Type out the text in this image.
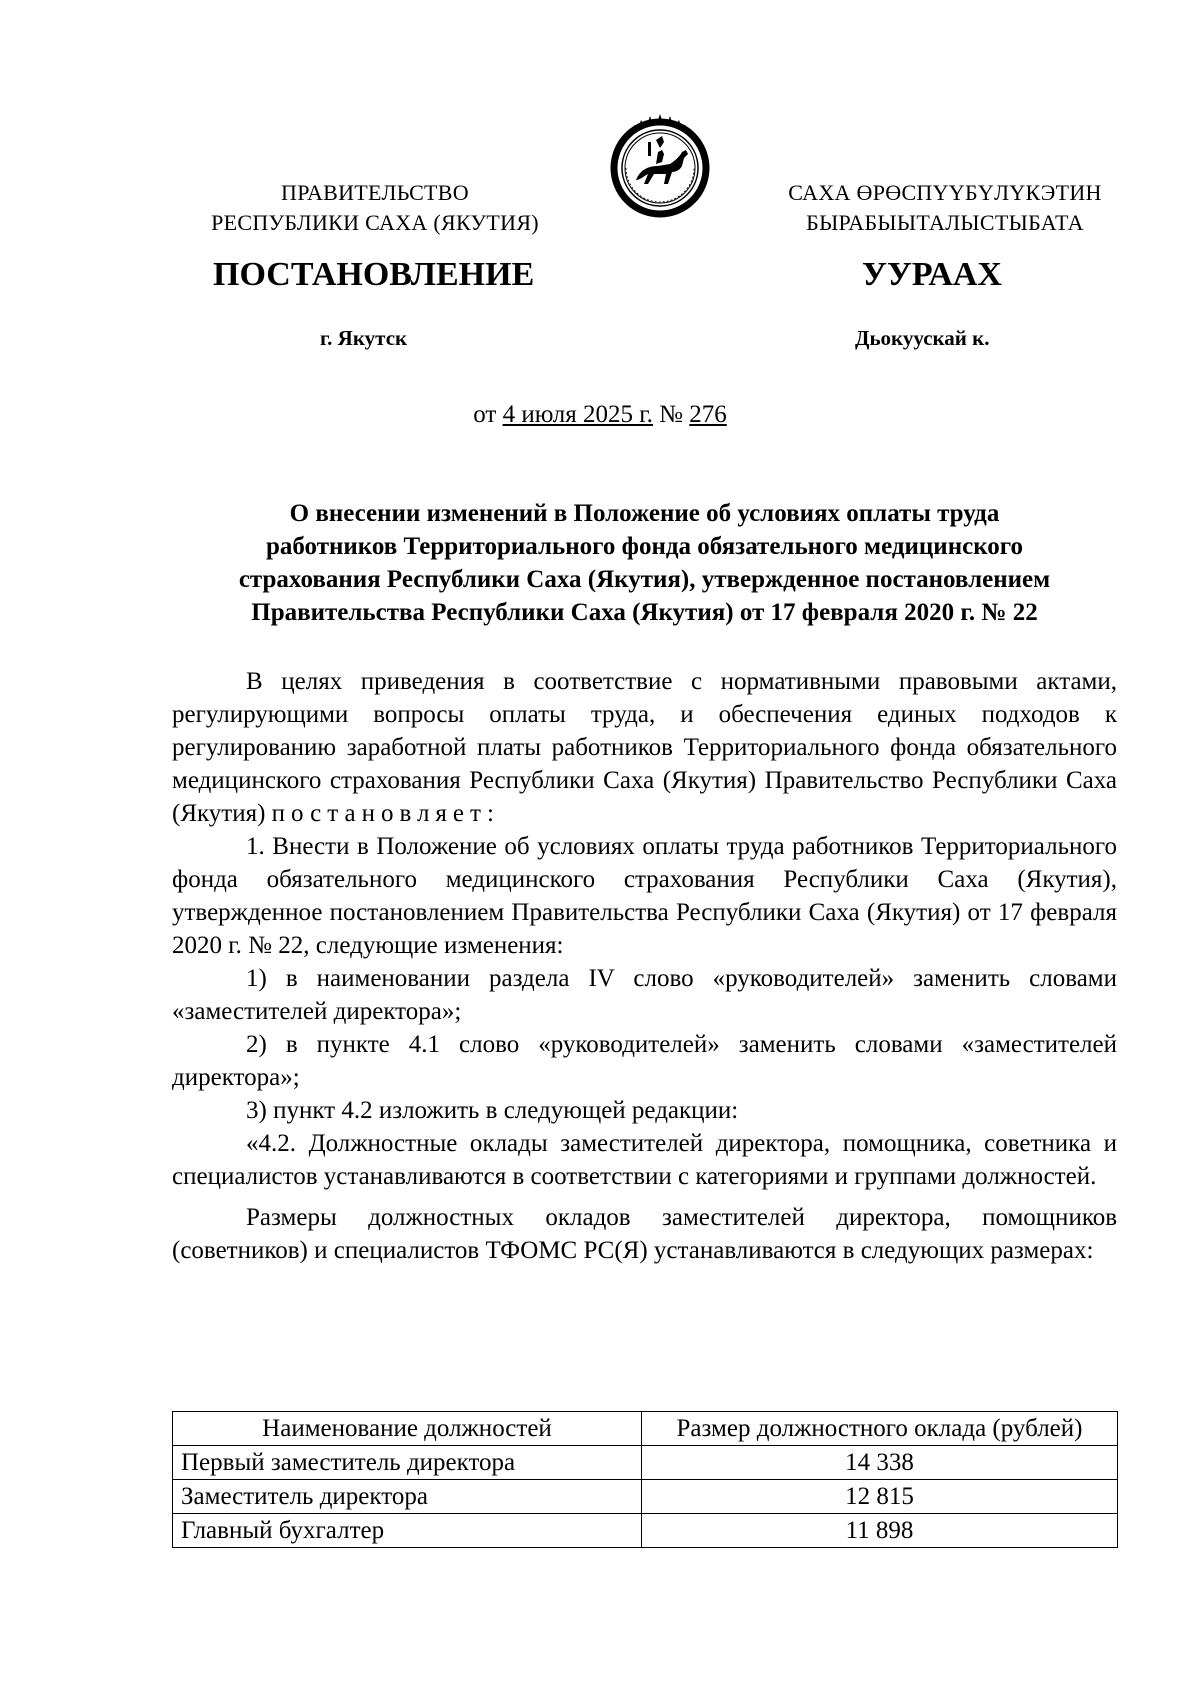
ПРАВИТЕЛЬСТВО
РЕСПУБЛИКИ САХА (ЯКУТИЯ)
САХА ӨРӨСПҮҮБҮЛҮКЭТИН
БЫРАБЫЫТАЛЫСТЫБАТА
ПОСТАНОВЛЕНИЕ	УУРААХ
г. Якутск	Дьокуускай к.
от 4 июля 2025 г. № 276
О внесении изменений в Положение об условиях оплаты труда
работников Территориального фонда обязательного медицинского
страхования Республики Саха (Якутия), утвержденное постановлением
Правительства Республики Саха (Якутия) от 17 февраля 2020 г. № 22

В целях приведения в соответствие с нормативными правовыми актами, регулирующими вопросы оплаты труда, и обеспечения единых подходов к регулированию заработной платы работников Территориального фонда обязательного медицинского страхования Республики Саха (Якутия) Правительство Республики Саха (Якутия) постановляет:

1. Внести в Положение об условиях оплаты труда работников Территориального фонда обязательного медицинского страхования Республики Саха (Якутия), утвержденное постановлением Правительства Республики Саха (Якутия) от 17 февраля 2020 г. № 22, следующие изменения:

1) в наименовании раздела IV слово «руководителей» заменить словами «заместителей директора»;

2) в пункте 4.1 слово «руководителей» заменить словами «заместителей директора»;

3) пункт 4.2 изложить в следующей редакции:

«4.2. Должностные оклады заместителей директора, помощника, советника и специалистов устанавливаются в соответствии с категориями и группами должностей.

Размеры должностных окладов заместителей директора, помощников (советников) и специалистов ТФОМС РС(Я) устанавливаются в следующих размерах:

Наименование должностей	Размер должностного оклада (рублей)
Первый заместитель директора	14 338
Заместитель директора	12 815
Главный бухгалтер	11 898
